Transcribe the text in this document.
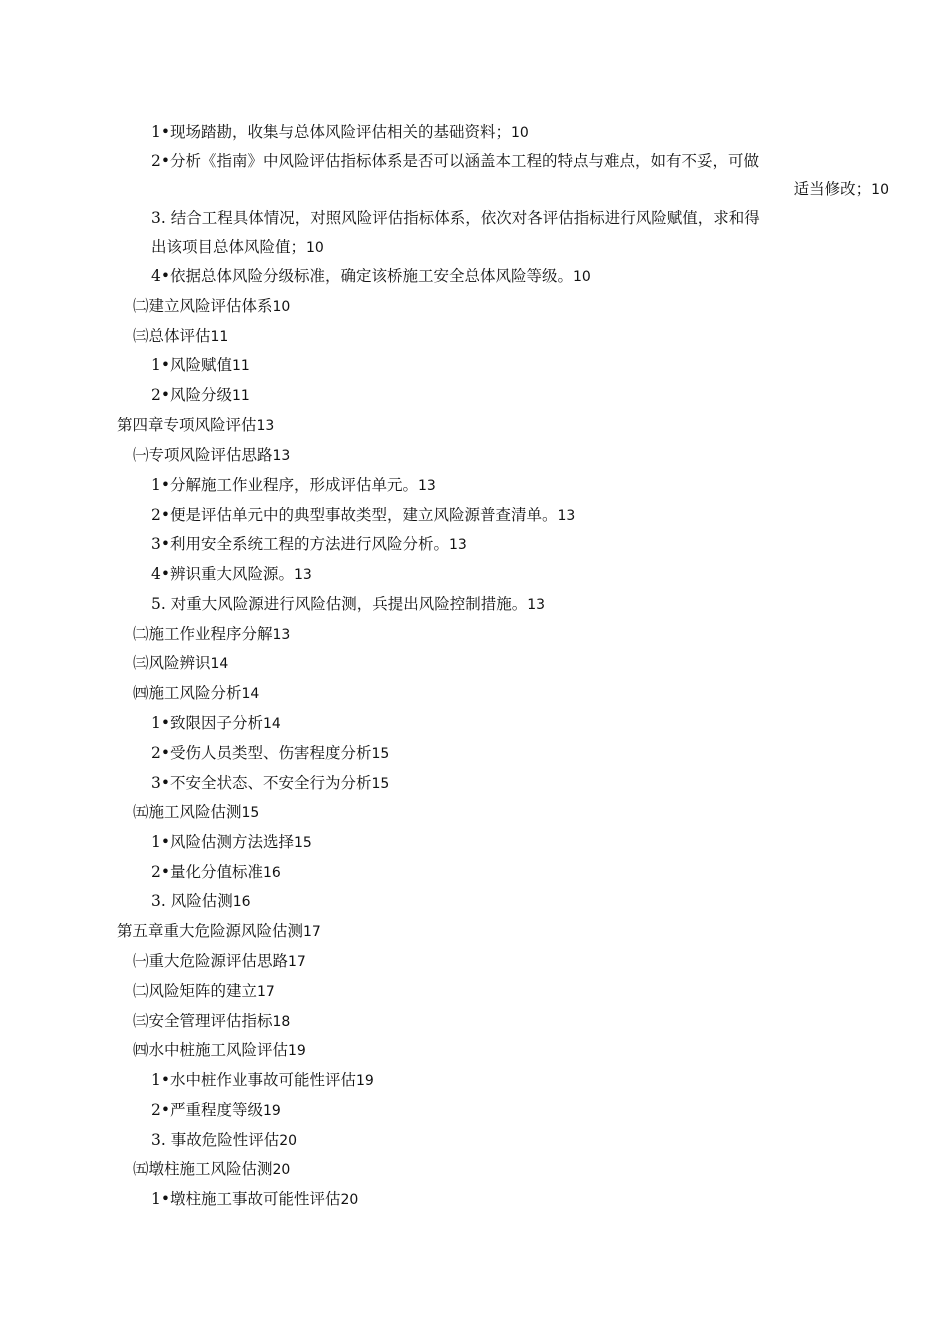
1•现场踏勘，收集与总体风险评估相关的基础资料；10
2•分析《指南》中风险评估指标体系是否可以涵盖本工程的特点与难点，如有不妥，可做
适当修改；10
3. 结合工程具体情况，对照风险评估指标体系，依次对各评估指标进行风险赋值，求和得
出该项目总体风险值；10
4•依据总体风险分级标准，确定该桥施工安全总体风险等级。10
㈡建立风险评估体系10
㈢总体评估11
1•风险赋值11
2•风险分级11
第四章专项风险评估13
㈠专项风险评估思路13
1•分解施工作业程序，形成评估单元。13
2•便是评估单元中的典型事故类型，建立风险源普查清单。13
3•利用安全系统工程的方法进行风险分析。13
4•辨识重大风险源。13
5. 对重大风险源进行风险估测，兵提出风险控制措施。13
㈡施工作业程序分解13
㈢风险辨识14
㈣施工风险分析14
1•致限因子分析14
2•受伤人员类型、伤害程度分析15
3•不安全状态、不安全行为分析15
㈤施工风险估测15
1•风险估测方法选择15
2•量化分值标准16
3. 风险估测16
第五章重大危险源风险估测17
㈠重大危险源评估思路17
㈡风险矩阵的建立17
㈢安全管理评估指标18
㈣水中桩施工风险评估19
1•水中桩作业事故可能性评估19
2•严重程度等级19
3. 事故危险性评估20
㈤墩柱施工风险估测20
1•墩柱施工事故可能性评估20
